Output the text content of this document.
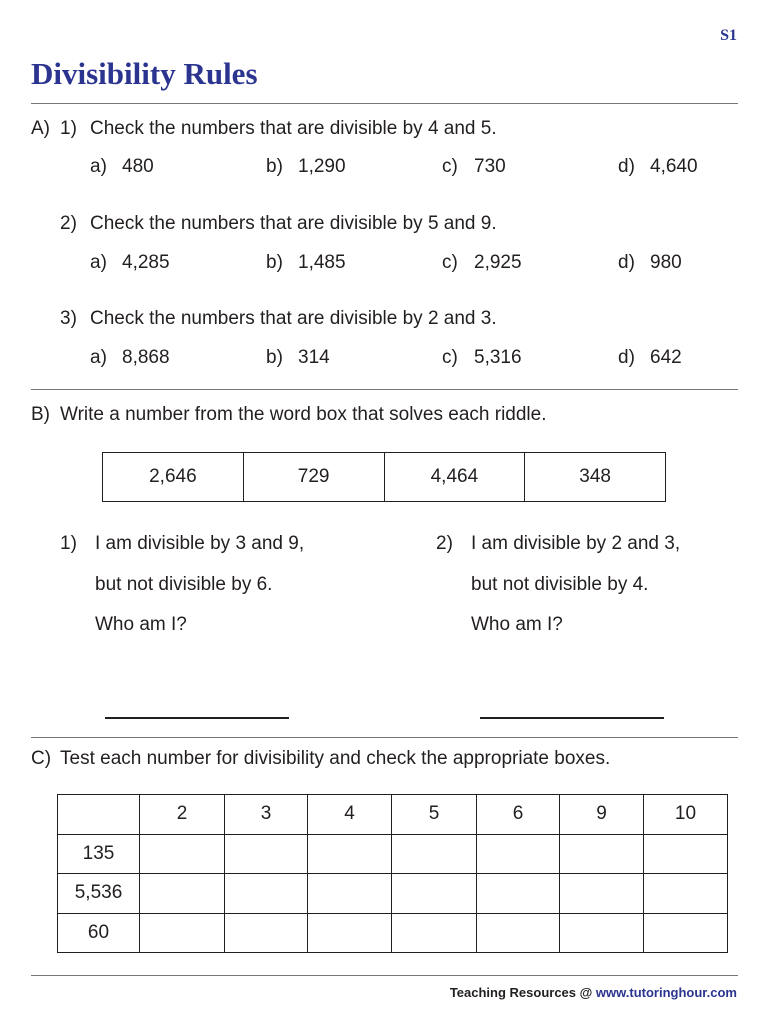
S1
Divisibility Rules
A) 1) Check the numbers that are divisible by 4 and 5.
a) 480	b) 1,290	c) 730	d) 4,640
2) Check the numbers that are divisible by 5 and 9.
a) 4,285	b) 1,485	c) 2,925	d) 980
3) Check the numbers that are divisible by 2 and 3.
a) 8,868	b) 314	c) 5,316	d) 642
B) Write a number from the word box that solves each riddle.
2,646	729	4,464	348
1) I am divisible by 3 and 9,
but not divisible by 6.
Who am I?
2) I am divisible by 2 and 3,
but not divisible by 4.
Who am I?
C) Test each number for divisibility and check the appropriate boxes.
	2	3	4	5	6	9	10
135							
5,536							
60							
Teaching Resources @ www.tutoringhour.com
